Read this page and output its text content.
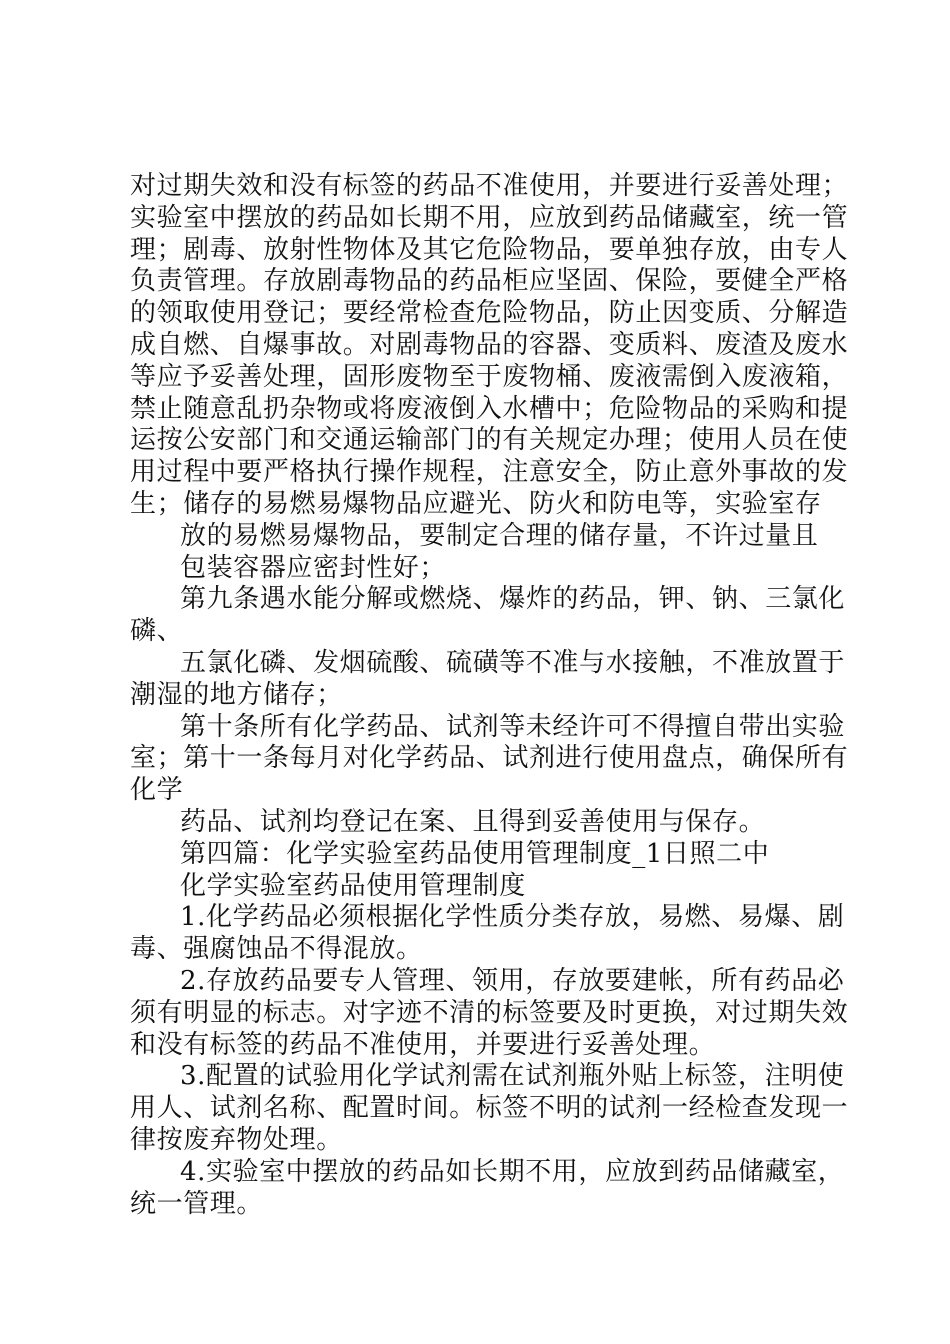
对过期失效和没有标签的药品不准使用，并要进行妥善处理；
实验室中摆放的药品如长期不用，应放到药品储藏室，统一管
理；剧毒、放射性物体及其它危险物品，要单独存放，由专人
负责管理。存放剧毒物品的药品柜应坚固、保险，要健全严格
的领取使用登记；要经常检查危险物品，防止因变质、分解造
成自燃、自爆事故。对剧毒物品的容器、变质料、废渣及废水
等应予妥善处理，固形废物至于废物桶、废液需倒入废液箱，
禁止随意乱扔杂物或将废液倒入水槽中；危险物品的采购和提
运按公安部门和交通运输部门的有关规定办理；使用人员在使
用过程中要严格执行操作规程，注意安全，防止意外事故的发
生；储存的易燃易爆物品应避光、防火和防电等，实验室存
放的易燃易爆物品，要制定合理的储存量，不许过量且
包装容器应密封性好；
第九条遇水能分解或燃烧、爆炸的药品，钾、钠、三氯化
磷、
五氯化磷、发烟硫酸、硫磺等不准与水接触，不准放置于
潮湿的地方储存；
第十条所有化学药品、试剂等未经许可不得擅自带出实验
室；第十一条每月对化学药品、试剂进行使用盘点，确保所有
化学
药品、试剂均登记在案、且得到妥善使用与保存。
第四篇：化学实验室药品使用管理制度_1日照二中
化学实验室药品使用管理制度
1.化学药品必须根据化学性质分类存放，易燃、易爆、剧
毒、强腐蚀品不得混放。
2.存放药品要专人管理、领用，存放要建帐，所有药品必
须有明显的标志。对字迹不清的标签要及时更换，对过期失效
和没有标签的药品不准使用，并要进行妥善处理。
3.配置的试验用化学试剂需在试剂瓶外贴上标签，注明使
用人、试剂名称、配置时间。标签不明的试剂一经检查发现一
律按废弃物处理。
4.实验室中摆放的药品如长期不用，应放到药品储藏室，
统一管理。
